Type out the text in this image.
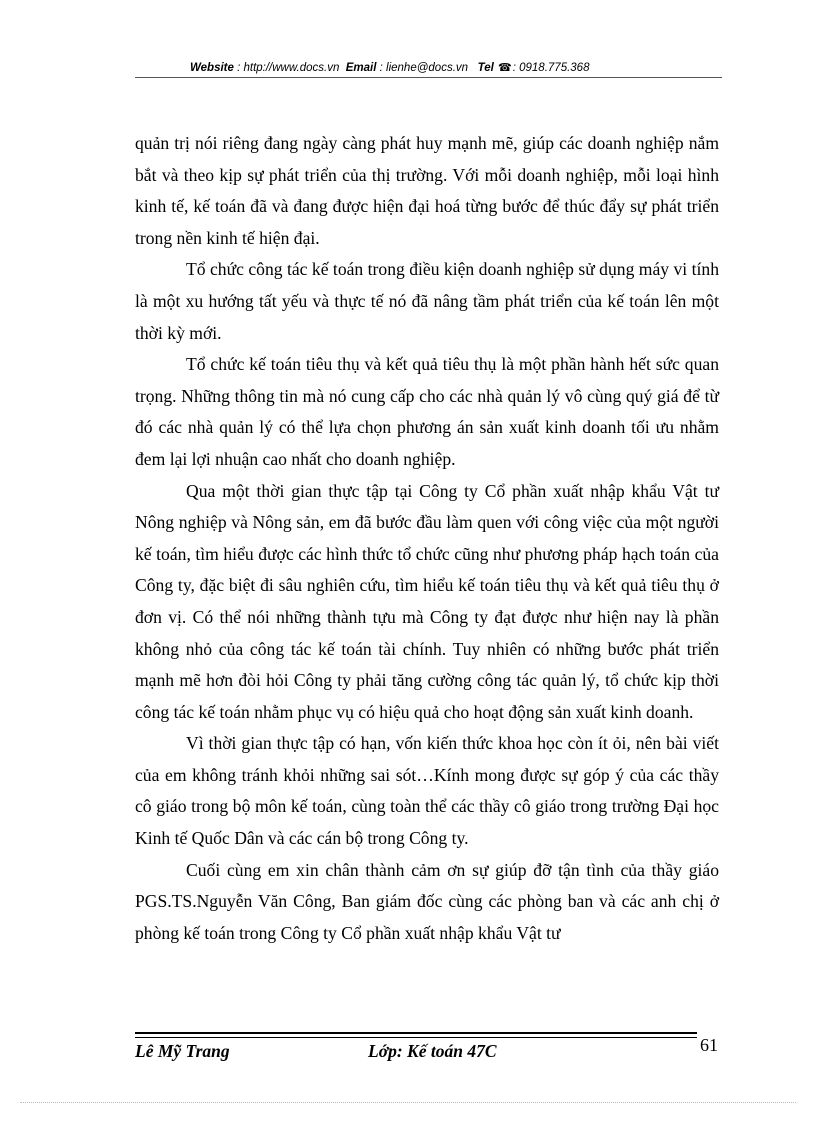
Website : http://www.docs.vn Email : lienhe@docs.vn Tel ☎: 0918.775.368

quản trị nói riêng đang ngày càng phát huy mạnh mẽ, giúp các doanh nghiệp nắm bắt và theo kịp sự phát triển của thị trường. Với mỗi doanh nghiệp, mỗi loại hình kinh tế, kế toán đã và đang được hiện đại hoá từng bước để thúc đẩy sự phát triển trong nền kinh tế hiện đại.

Tổ chức công tác kế toán trong điều kiện doanh nghiệp sử dụng máy vi tính là một xu hướng tất yếu và thực tế nó đã nâng tầm phát triển của kế toán lên một thời kỳ mới.

Tổ chức kế toán tiêu thụ và kết quả tiêu thụ là một phần hành hết sức quan trọng. Những thông tin mà nó cung cấp cho các nhà quản lý vô cùng quý giá để từ đó các nhà quản lý có thể lựa chọn phương án sản xuất kinh doanh tối ưu nhằm đem lại lợi nhuận cao nhất cho doanh nghiệp.

Qua một thời gian thực tập tại Công ty Cổ phần xuất nhập khẩu Vật tư Nông nghiệp và Nông sản, em đã bước đầu làm quen với công việc của một người kế toán, tìm hiểu được các hình thức tổ chức cũng như phương pháp hạch toán của Công ty, đặc biệt đi sâu nghiên cứu, tìm hiểu kế toán tiêu thụ và kết quả tiêu thụ ở đơn vị. Có thể nói những thành tựu mà Công ty đạt được như hiện nay là phần không nhỏ của công tác kế toán tài chính. Tuy nhiên có những bước phát triển mạnh mẽ hơn đòi hỏi Công ty phải tăng cường công tác quản lý, tổ chức kịp thời công tác kế toán nhằm phục vụ có hiệu quả cho hoạt động sản xuất kinh doanh.

Vì thời gian thực tập có hạn, vốn kiến thức khoa học còn ít ỏi, nên bài viết của em không tránh khỏi những sai sót…Kính mong được sự góp ý của các thầy cô giáo trong bộ môn kế toán, cùng toàn thể các thầy cô giáo trong trường Đại học Kinh tế Quốc Dân và các cán bộ trong Công ty.

Cuối cùng em xin chân thành cảm ơn sự giúp đỡ tận tình của thầy giáo PGS.TS.Nguyễn Văn Công, Ban giám đốc cùng các phòng ban và các anh chị ở phòng kế toán trong Công ty Cổ phần xuất nhập khẩu Vật tư

Lê Mỹ Trang	Lớp: Kế toán 47C	61
